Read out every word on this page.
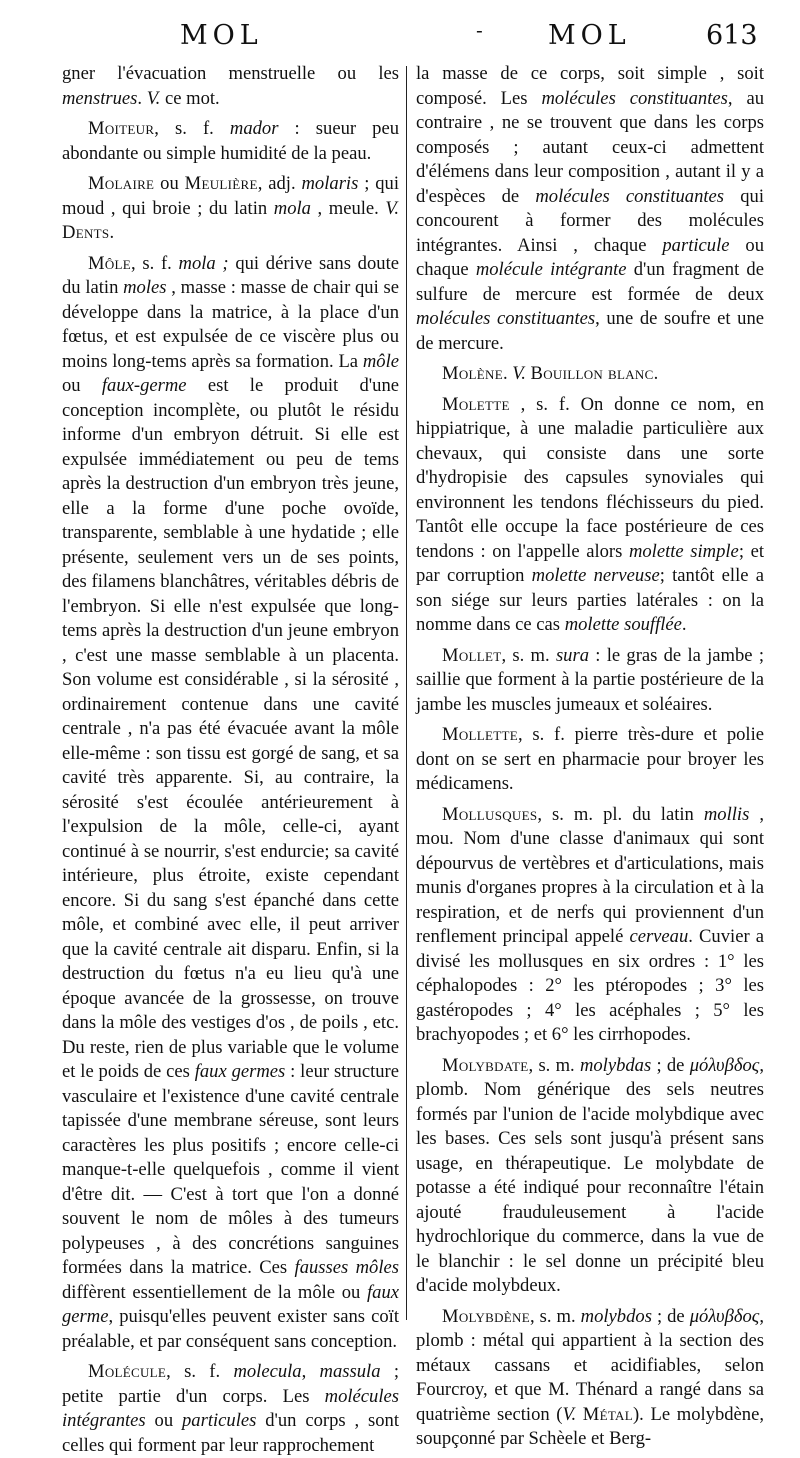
MOL	- MOL	613

gner l'évacuation menstruelle ou les menstrues. V. ce mot.

Moiteur, s. f. mador : sueur peu abondante ou simple humidité de la peau.

Molaire ou Meulière, adj. molaris ; qui moud , qui broie ; du latin mola , meule. V. Dents.

Môle, s. f. mola ; qui dérive sans doute du latin moles , masse : masse de chair qui se développe dans la matrice, à la place d'un fœtus, et est expulsée de ce viscère plus ou moins long-tems après sa formation. La môle ou faux-germe est le produit d'une conception incomplète, ou plutôt le résidu informe d'un embryon détruit. Si elle est expulsée immédiatement ou peu de tems après la destruction d'un embryon très jeune, elle a la forme d'une poche ovoïde, transparente, semblable à une hydatide ; elle présente, seulement vers un de ses points, des filamens blanchâtres, véritables débris de l'embryon. Si elle n'est expulsée que long-tems après la destruction d'un jeune embryon , c'est une masse semblable à un placenta. Son volume est considérable , si la sérosité , ordinairement contenue dans une cavité centrale , n'a pas été évacuée avant la môle elle-même : son tissu est gorgé de sang, et sa cavité très apparente. Si, au contraire, la sérosité s'est écoulée antérieurement à l'expulsion de la môle, celle-ci, ayant continué à se nourrir, s'est endurcie; sa cavité intérieure, plus étroite, existe cependant encore. Si du sang s'est épanché dans cette môle, et combiné avec elle, il peut arriver que la cavité centrale ait disparu. Enfin, si la destruction du fœtus n'a eu lieu qu'à une époque avancée de la grossesse, on trouve dans la môle des vestiges d'os , de poils , etc. Du reste, rien de plus variable que le volume et le poids de ces faux germes : leur structure vasculaire et l'existence d'une cavité centrale tapissée d'une membrane séreuse, sont leurs caractères les plus positifs ; encore celle-ci manque-t-elle quelquefois , comme il vient d'être dit. — C'est à tort que l'on a donné souvent le nom de môles à des tumeurs polypeuses , à des concrétions sanguines formées dans la matrice. Ces fausses môles diffèrent essentiellement de la môle ou faux germe, puisqu'elles peuvent exister sans coït préalable, et par conséquent sans conception.

Molécule, s. f. molecula, massula ; petite partie d'un corps. Les molécules intégrantes ou particules d'un corps , sont celles qui forment par leur rapprochement

la masse de ce corps, soit simple , soit composé. Les molécules constituantes, au contraire , ne se trouvent que dans les corps composés ; autant ceux-ci admettent d'élémens dans leur composition , autant il y a d'espèces de molécules constituantes qui concourent à former des molécules intégrantes. Ainsi , chaque particule ou chaque molécule intégrante d'un fragment de sulfure de mercure est formée de deux molécules constituantes, une de soufre et une de mercure.

Molène. V. Bouillon blanc.

Molette , s. f. On donne ce nom, en hippiatrique, à une maladie particulière aux chevaux, qui consiste dans une sorte d'hydropisie des capsules synoviales qui environnent les tendons fléchisseurs du pied. Tantôt elle occupe la face postérieure de ces tendons : on l'appelle alors molette simple; et par corruption molette nerveuse; tantôt elle a son siége sur leurs parties latérales : on la nomme dans ce cas molette soufflée.

Mollet, s. m. sura : le gras de la jambe ; saillie que forment à la partie postérieure de la jambe les muscles jumeaux et soléaires.

Mollette, s. f. pierre très-dure et polie dont on se sert en pharmacie pour broyer les médicamens.

Mollusques, s. m. pl. du latin mollis , mou. Nom d'une classe d'animaux qui sont dépourvus de vertèbres et d'articulations, mais munis d'organes propres à la circulation et à la respiration, et de nerfs qui proviennent d'un renflement principal appelé cerveau. Cuvier a divisé les mollusques en six ordres : 1° les céphalopodes : 2° les ptéropodes ; 3° les gastéropodes ; 4° les acéphales ; 5° les brachyopodes ; et 6° les cirrhopodes.

Molybdate, s. m. molybdas ; de μόλυβδος, plomb. Nom générique des sels neutres formés par l'union de l'acide molybdique avec les bases. Ces sels sont jusqu'à présent sans usage, en thérapeutique. Le molybdate de potasse a été indiqué pour reconnaître l'étain ajouté frauduleusement à l'acide hydrochlorique du commerce, dans la vue de le blanchir : le sel donne un précipité bleu d'acide molybdeux.

Molybdène, s. m. molybdos ; de μόλυβδος, plomb : métal qui appartient à la section des métaux cassans et acidifiables, selon Fourcroy, et que M. Thénard a rangé dans sa quatrième section (V. Métal). Le molybdène, soupçonné par Schèele et Berg-
